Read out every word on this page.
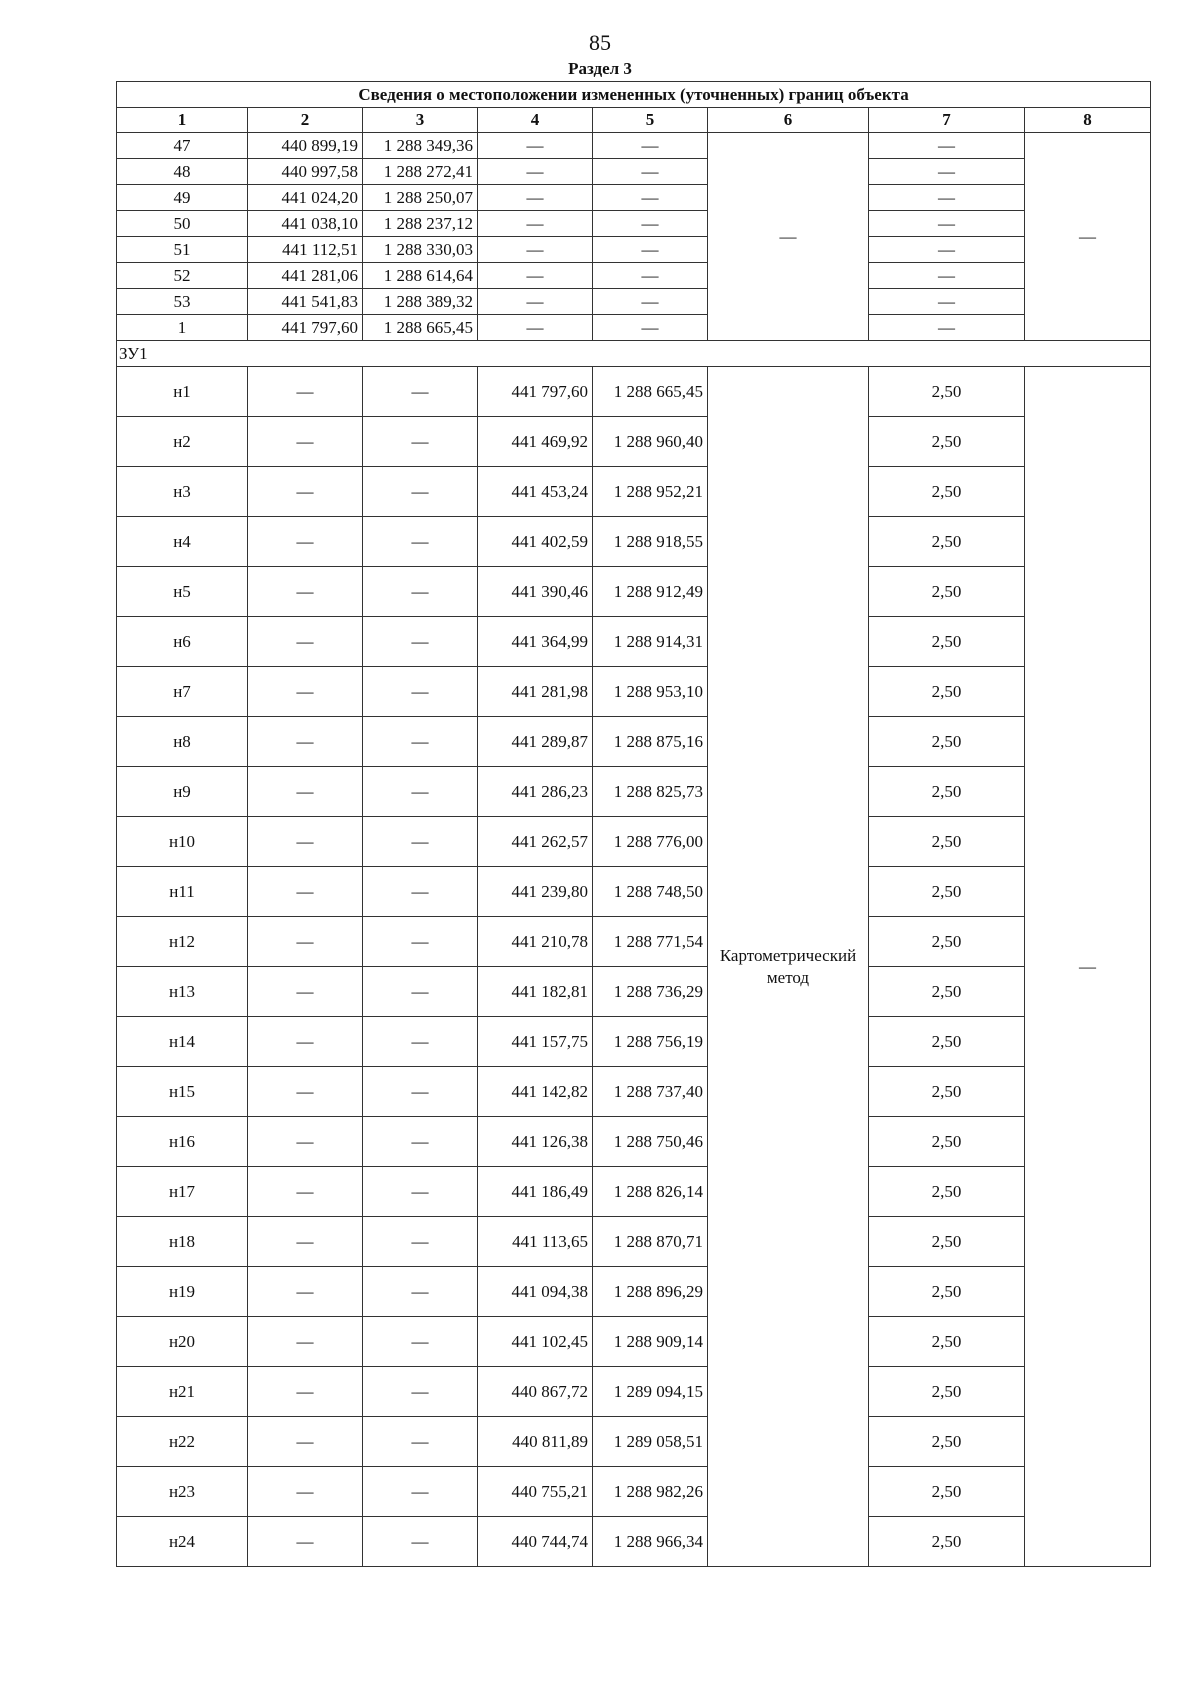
85
Раздел 3
Сведения о местоположении измененных (уточненных) границ объекта							
1	2	3	4	5	6	7	8
47	440 899,19	1 288 349,36	—	—	—	—	—
48	440 997,58	1 288 272,41	—	—		—	
49	441 024,20	1 288 250,07	—	—		—	
50	441 038,10	1 288 237,12	—	—		—	
51	441 112,51	1 288 330,03	—	—		—	
52	441 281,06	1 288 614,64	—	—		—	
53	441 541,83	1 288 389,32	—	—		—	
1	441 797,60	1 288 665,45	—	—		—	
ЗУ1							
н1	—	—	441 797,60	1 288 665,45	Картометрический метод	2,50	—
н2	—	—	441 469,92	1 288 960,40		2,50	
н3	—	—	441 453,24	1 288 952,21		2,50	
н4	—	—	441 402,59	1 288 918,55		2,50	
н5	—	—	441 390,46	1 288 912,49		2,50	
н6	—	—	441 364,99	1 288 914,31		2,50	
н7	—	—	441 281,98	1 288 953,10		2,50	
н8	—	—	441 289,87	1 288 875,16		2,50	
н9	—	—	441 286,23	1 288 825,73		2,50	
н10	—	—	441 262,57	1 288 776,00		2,50	
н11	—	—	441 239,80	1 288 748,50		2,50	
н12	—	—	441 210,78	1 288 771,54		2,50	
н13	—	—	441 182,81	1 288 736,29		2,50	
н14	—	—	441 157,75	1 288 756,19		2,50	
н15	—	—	441 142,82	1 288 737,40		2,50	
н16	—	—	441 126,38	1 288 750,46		2,50	
н17	—	—	441 186,49	1 288 826,14		2,50	
н18	—	—	441 113,65	1 288 870,71		2,50	
н19	—	—	441 094,38	1 288 896,29		2,50	
н20	—	—	441 102,45	1 288 909,14		2,50	
н21	—	—	440 867,72	1 289 094,15		2,50	
н22	—	—	440 811,89	1 289 058,51		2,50	
н23	—	—	440 755,21	1 288 982,26		2,50	
н24	—	—	440 744,74	1 288 966,34		2,50	
